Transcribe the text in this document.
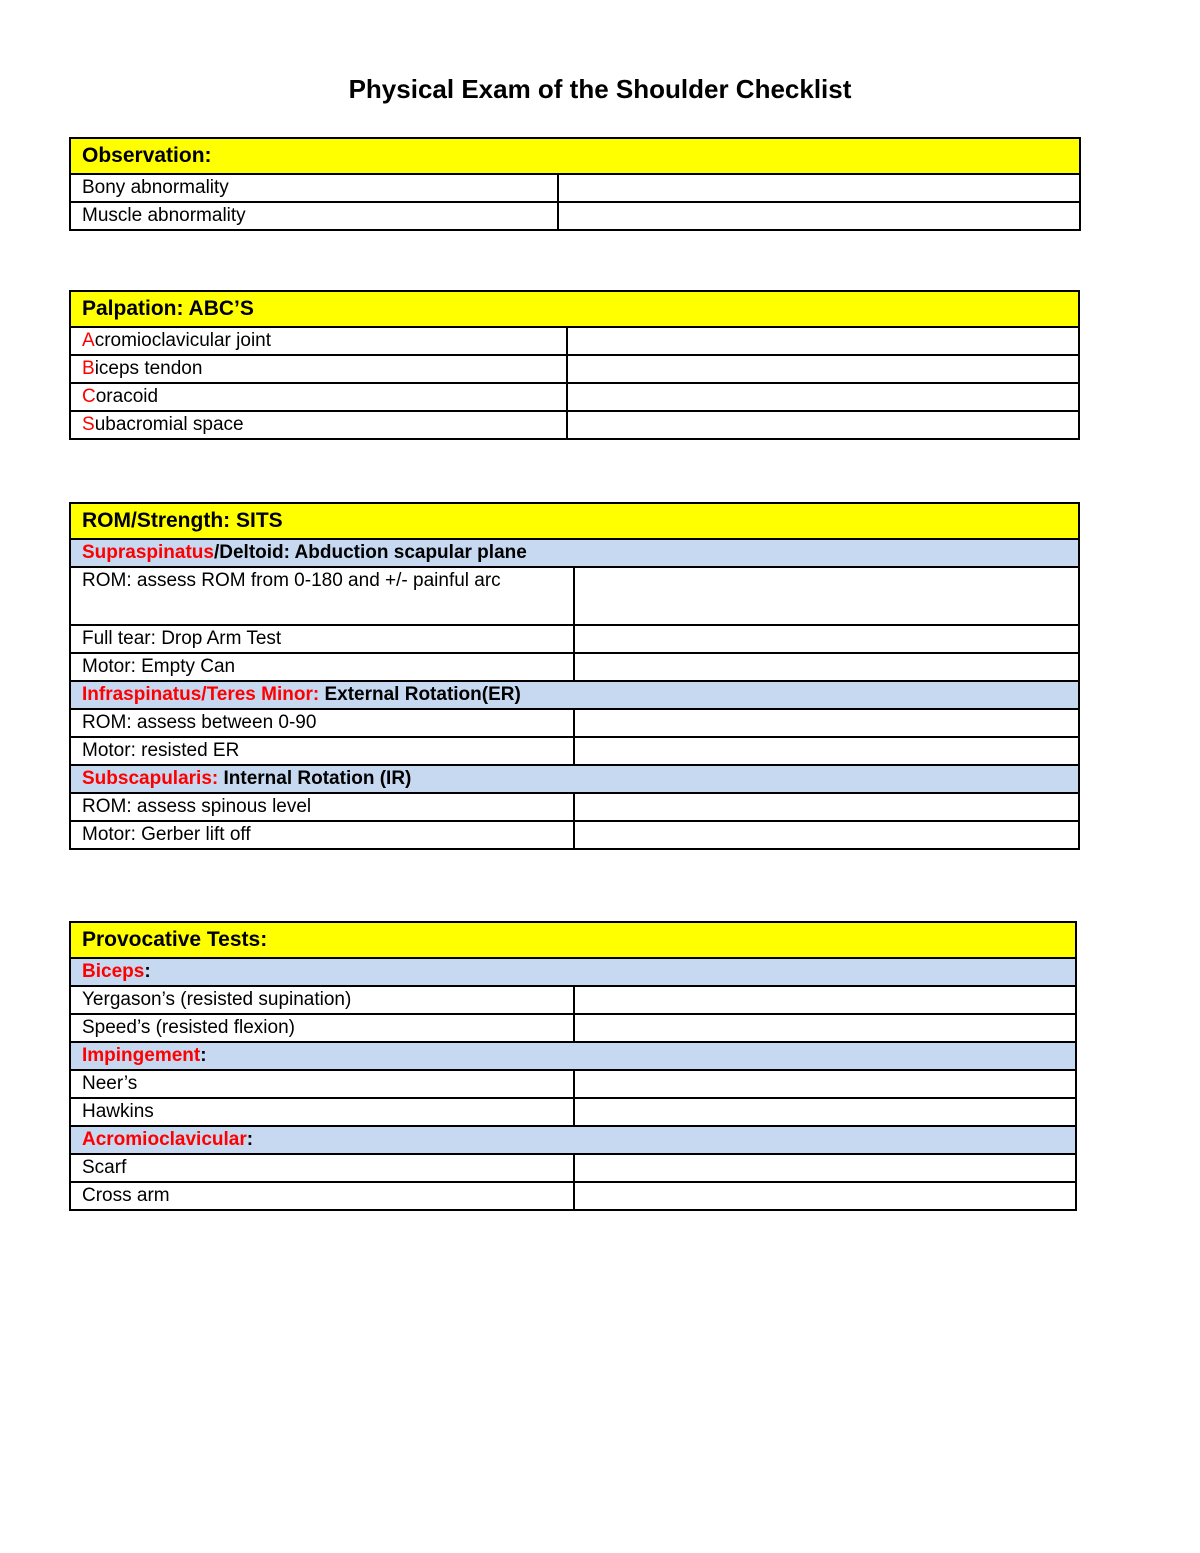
Physical Exam of the Shoulder Checklist
Observation:	
Bony abnormality	
Muscle abnormality	
Palpation: ABC’S	
Acromioclavicular joint	
Biceps tendon	
Coracoid	
Subacromial space	
ROM/Strength: SITS	
Supraspinatus/Deltoid: Abduction scapular plane	
ROM: assess ROM from 0-180 and +/- painful arc	
Full tear: Drop Arm Test	
Motor: Empty Can	
Infraspinatus/Teres Minor: External Rotation(ER)	
ROM: assess between 0-90	
Motor: resisted ER	
Subscapularis: Internal Rotation (IR)	
ROM: assess spinous level	
Motor: Gerber lift off	
Provocative Tests:	
Biceps:	
Yergason’s (resisted supination)	
Speed’s (resisted flexion)	
Impingement:	
Neer’s	
Hawkins	
Acromioclavicular:	
Scarf	
Cross arm	
